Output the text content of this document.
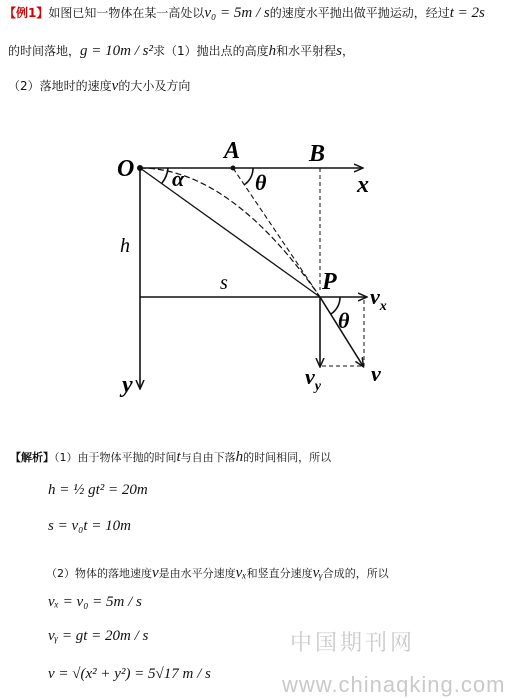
【例1】如图已知一物体在某一高处以v₀ = 5m / s的速度水平抛出做平抛运动，经过t = 2s
的时间落地，g = 10m / s²求（1）抛出点的高度h和水平射程s，
（2）落地时的速度v的大小及方向
O
A	B
x
α	θ
h
s	P
$v_x$
θ
$v_y$
v
y
【解析】（1）由于物体平抛的时间t与自由下落h的时间相同，所以
h = ½ gt² = 20m
s = v₀t = 10m
（2）物体的落地速度v是由水平分速度vₓ和竖直分速度vᵧ合成的，所以
vₓ = v₀ = 5m / s
vᵧ = gt = 20m / s
v = √(x² + y²) = 5√17 m / s
中国期刊网
www.chinaqking.com
